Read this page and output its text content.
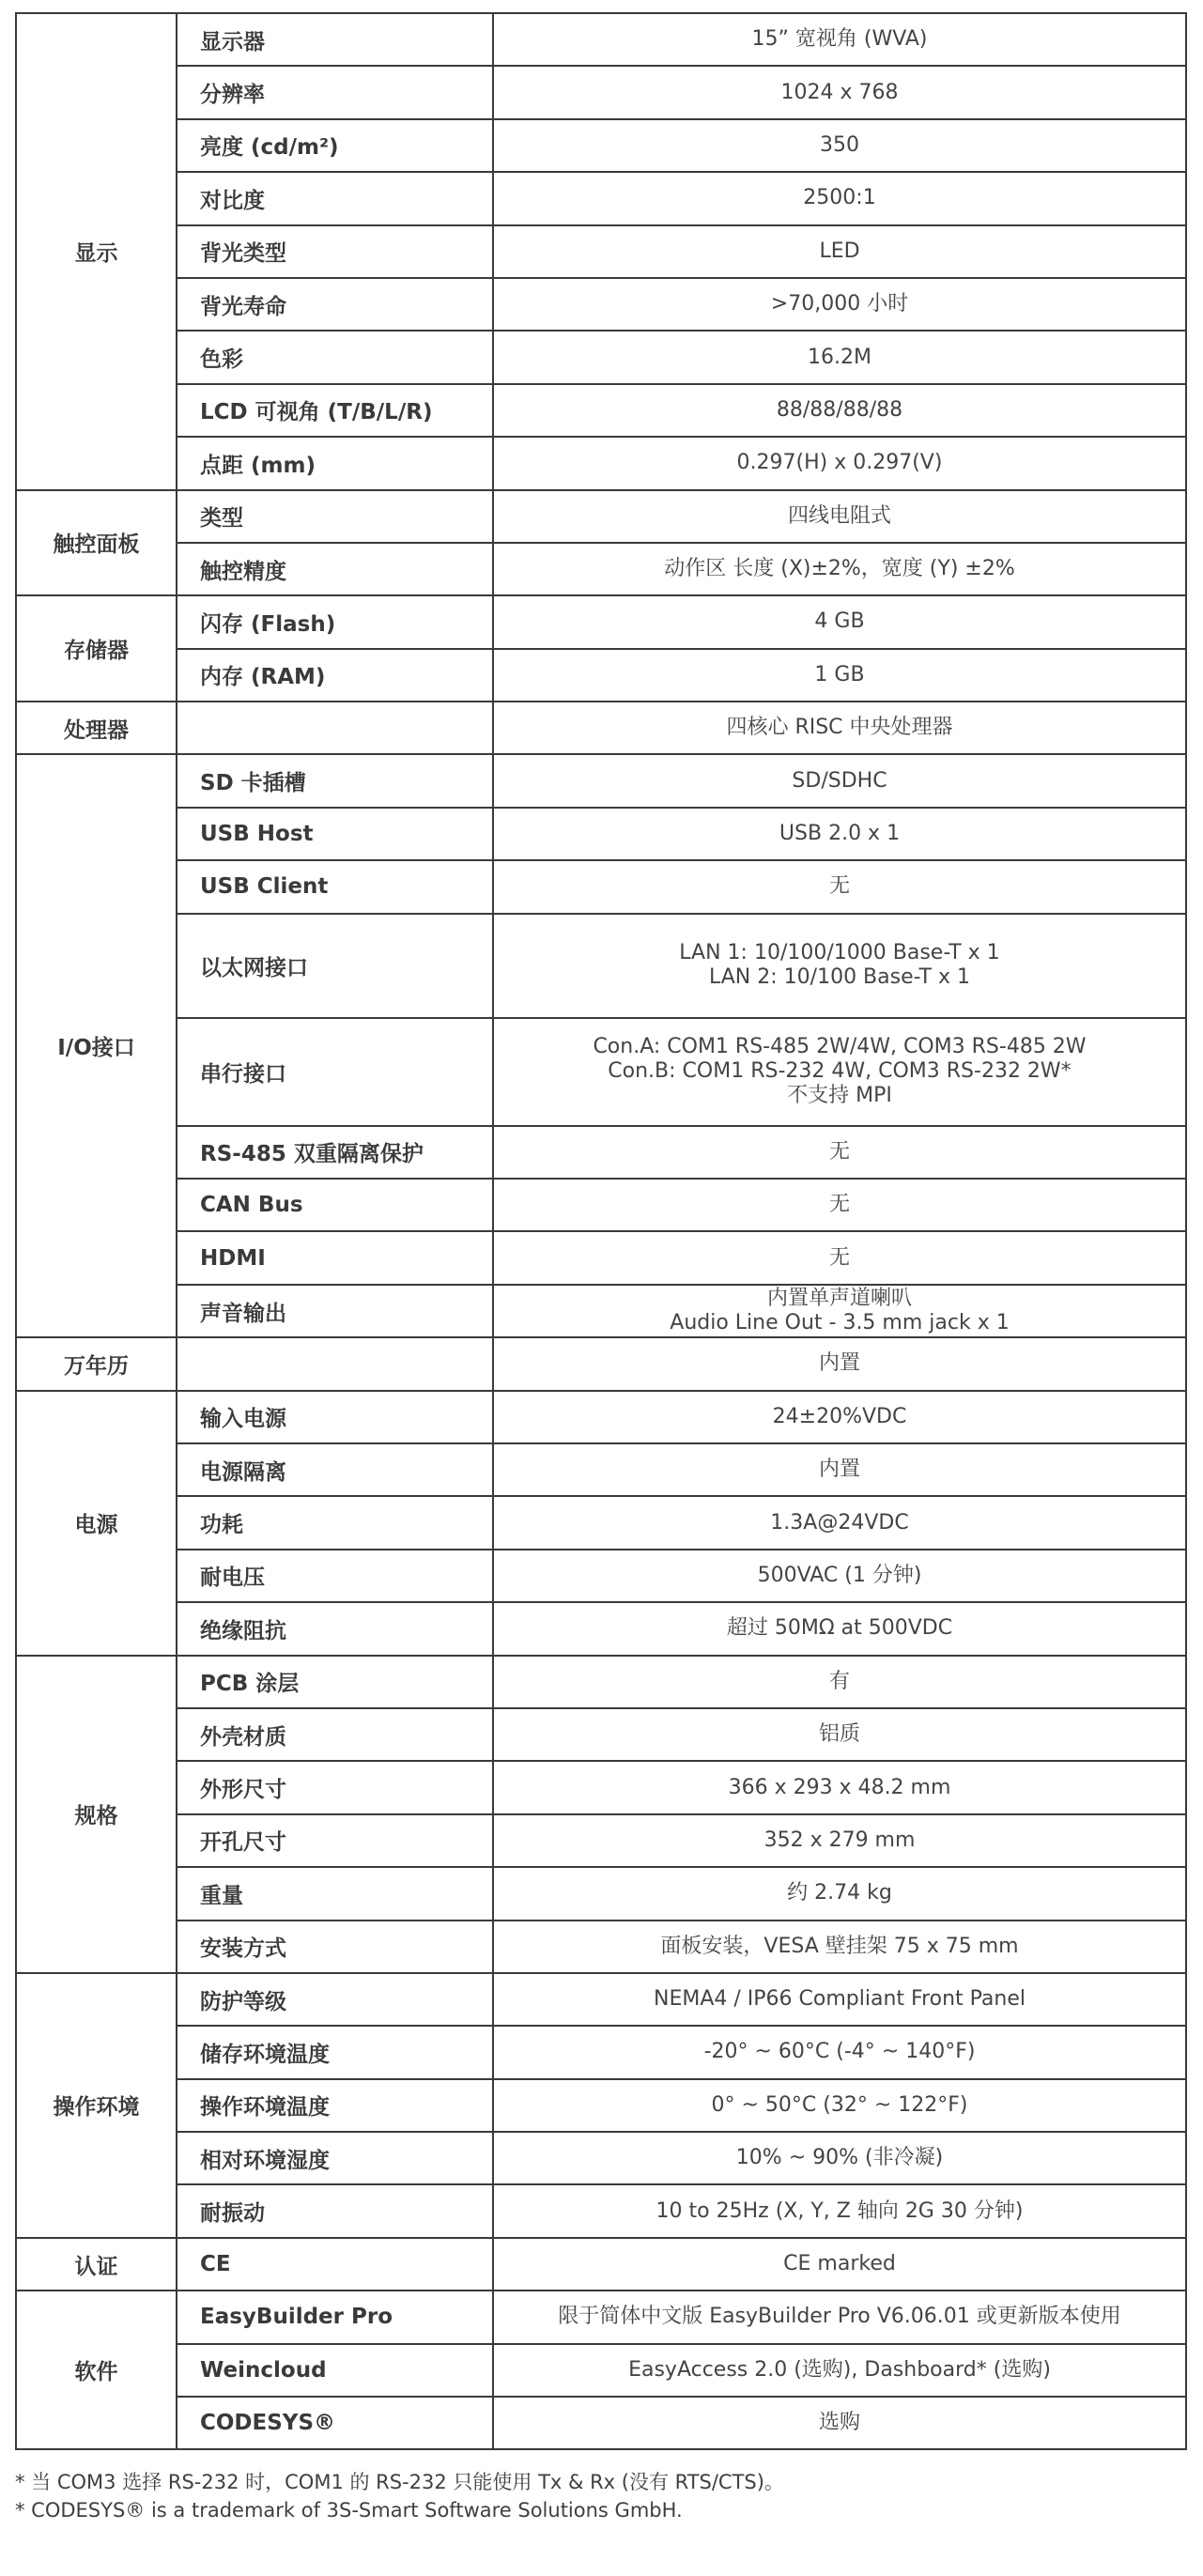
显示	显示器	15” 宽视角 (WVA)

	分辨率	1024 x 768

	亮度 (cd/m²)	350

	对比度	2500:1

	背光类型	LED

	背光寿命	>70,000 小时

	色彩	16.2M

	LCD 可视角 (T/B/L/R)	88/88/88/88

	点距 (mm)	0.297(H) x 0.297(V)

触控面板	类型	四线电阻式

	触控精度	动作区 长度 (X)±2%，宽度 (Y) ±2%

存储器	闪存 (Flash)	4 GB

	内存 (RAM)	1 GB

处理器		四核心 RISC 中央处理器

I/O接口	SD 卡插槽	SD/SDHC

	USB Host	USB 2.0 x 1

	USB Client	无

	以太网接口	LAN 1: 10/100/1000 Base-T x 1
LAN 2: 10/100 Base-T x 1

	串行接口	Con.A: COM1 RS-485 2W/4W, COM3 RS-485 2W
Con.B: COM1 RS-232 4W, COM3 RS-232 2W*
不支持 MPI

	RS-485 双重隔离保护	无

	CAN Bus	无

	HDMI	无

	声音输出	内置单声道喇叭
Audio Line Out - 3.5 mm jack x 1

万年历		内置

电源	输入电源	24±20%VDC

	电源隔离	内置

	功耗	1.3A@24VDC

	耐电压	500VAC (1 分钟)

	绝缘阻抗	超过 50MΩ at 500VDC

规格	PCB 涂层	有

	外壳材质	铝质

	外形尺寸	366 x 293 x 48.2 mm

	开孔尺寸	352 x 279 mm

	重量	约 2.74 kg

	安装方式	面板安装，VESA 壁挂架 75 x 75 mm

操作环境	防护等级	NEMA4 / IP66 Compliant Front Panel

	储存环境温度	-20° ~ 60°C (-4° ~ 140°F)

	操作环境温度	0° ~ 50°C (32° ~ 122°F)

	相对环境湿度	10% ~ 90% (非冷凝)

	耐振动	10 to 25Hz (X, Y, Z 轴向 2G 30 分钟)

认证	CE	CE marked

软件	EasyBuilder Pro	限于简体中文版 EasyBuilder Pro V6.06.01 或更新版本使用

	Weincloud	EasyAccess 2.0 (选购), Dashboard* (选购)

	CODESYS®	选购
* 当 COM3 选择 RS-232 时，COM1 的 RS-232 只能使用 Tx & Rx (没有 RTS/CTS)。
* CODESYS® is a trademark of 3S-Smart Software Solutions GmbH.
